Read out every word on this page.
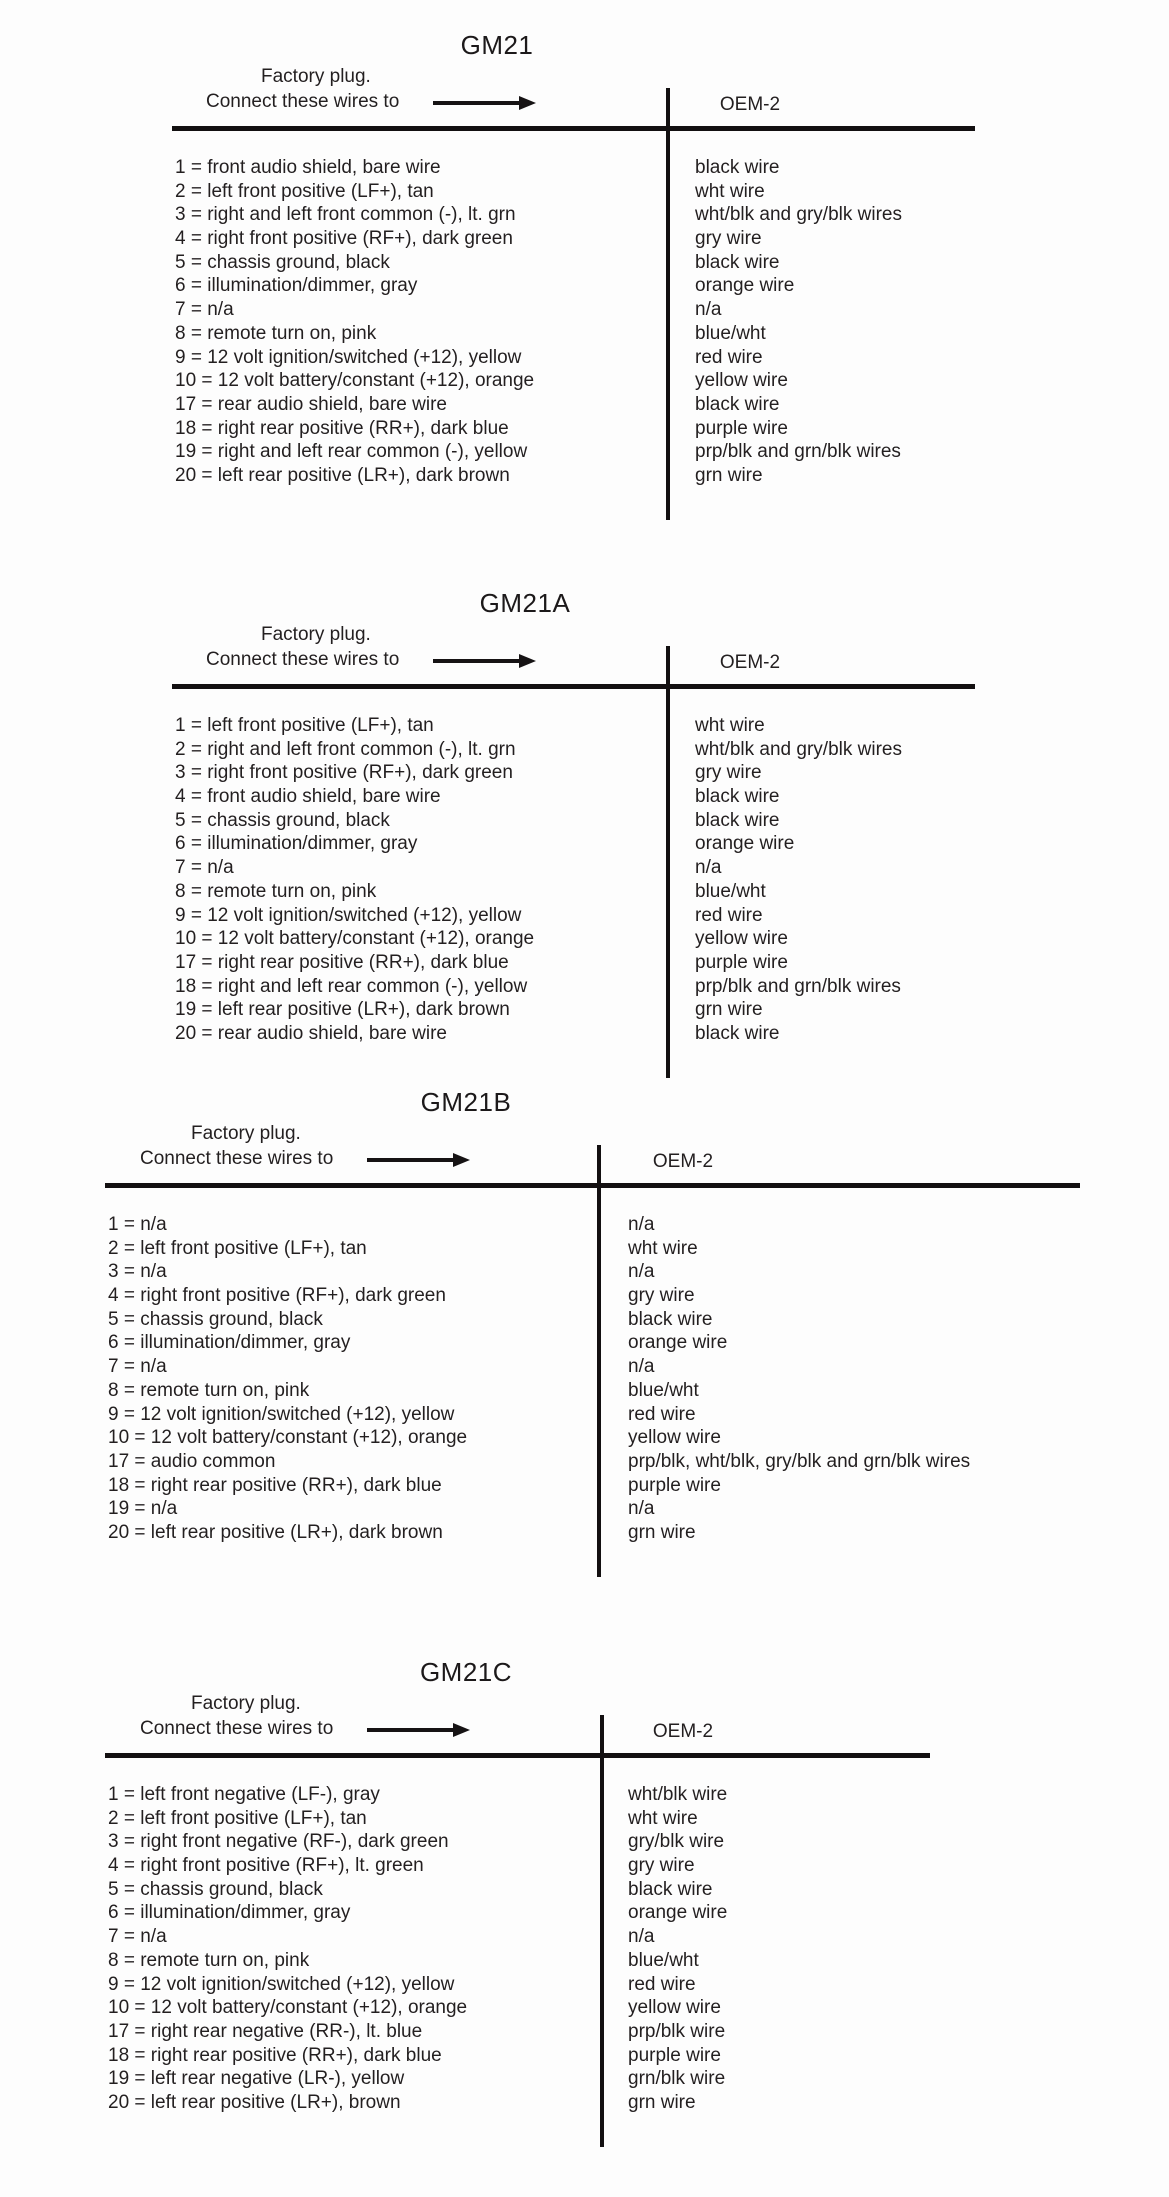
GM21
Factory plug.
Connect these wires to	OEM-2
1 = front audio shield, bare wire	black wire
2 = left front positive (LF+), tan	wht wire
3 = right and left front common (-), lt. grn	wht/blk and gry/blk wires
4 = right front positive (RF+), dark green	gry wire
5 = chassis ground, black	black wire
6 = illumination/dimmer, gray	orange wire
7 = n/a	n/a
8 = remote turn on, pink	blue/wht
9 = 12 volt ignition/switched (+12), yellow	red wire
10 = 12 volt battery/constant (+12), orange	yellow wire
17 = rear audio shield, bare wire	black wire
18 = right rear positive (RR+), dark blue	purple wire
19 = right and left rear common (-), yellow	prp/blk and grn/blk wires
20 = left rear positive (LR+), dark brown	grn wire
GM21A
Factory plug.
Connect these wires to	OEM-2
1 = left front positive (LF+), tan	wht wire
2 = right and left front common (-), lt. grn	wht/blk and gry/blk wires
3 = right front positive (RF+), dark green	gry wire
4 = front audio shield, bare wire	black wire
5 = chassis ground, black	black wire
6 = illumination/dimmer, gray	orange wire
7 = n/a	n/a
8 = remote turn on, pink	blue/wht
9 = 12 volt ignition/switched (+12), yellow	red wire
10 = 12 volt battery/constant (+12), orange	yellow wire
17 = right rear positive (RR+), dark blue	purple wire
18 = right and left rear common (-), yellow	prp/blk and grn/blk wires
19 = left rear positive (LR+), dark brown	grn wire
20 = rear audio shield, bare wire	black wire
GM21B
Factory plug.
Connect these wires to	OEM-2
1 = n/a	n/a
2 = left front positive (LF+), tan	wht wire
3 = n/a	n/a
4 = right front positive (RF+), dark green	gry wire
5 = chassis ground, black	black wire
6 = illumination/dimmer, gray	orange wire
7 = n/a	n/a
8 = remote turn on, pink	blue/wht
9 = 12 volt ignition/switched (+12), yellow	red wire
10 = 12 volt battery/constant (+12), orange	yellow wire
17 = audio common	prp/blk, wht/blk, gry/blk and grn/blk wires
18 = right rear positive (RR+), dark blue	purple wire
19 = n/a	n/a
20 = left rear positive (LR+), dark brown	grn wire
GM21C
Factory plug.
Connect these wires to	OEM-2
1 = left front negative (LF-), gray	wht/blk wire
2 = left front positive (LF+), tan	wht wire
3 = right front negative (RF-), dark green	gry/blk wire
4 = right front positive (RF+), lt. green	gry wire
5 = chassis ground, black	black wire
6 = illumination/dimmer, gray	orange wire
7 = n/a	n/a
8 = remote turn on, pink	blue/wht
9 = 12 volt ignition/switched (+12), yellow	red wire
10 = 12 volt battery/constant (+12), orange	yellow wire
17 = right rear negative (RR-), lt. blue	prp/blk wire
18 = right rear positive (RR+), dark blue	purple wire
19 = left rear negative (LR-), yellow	grn/blk wire
20 = left rear positive (LR+), brown	grn wire
